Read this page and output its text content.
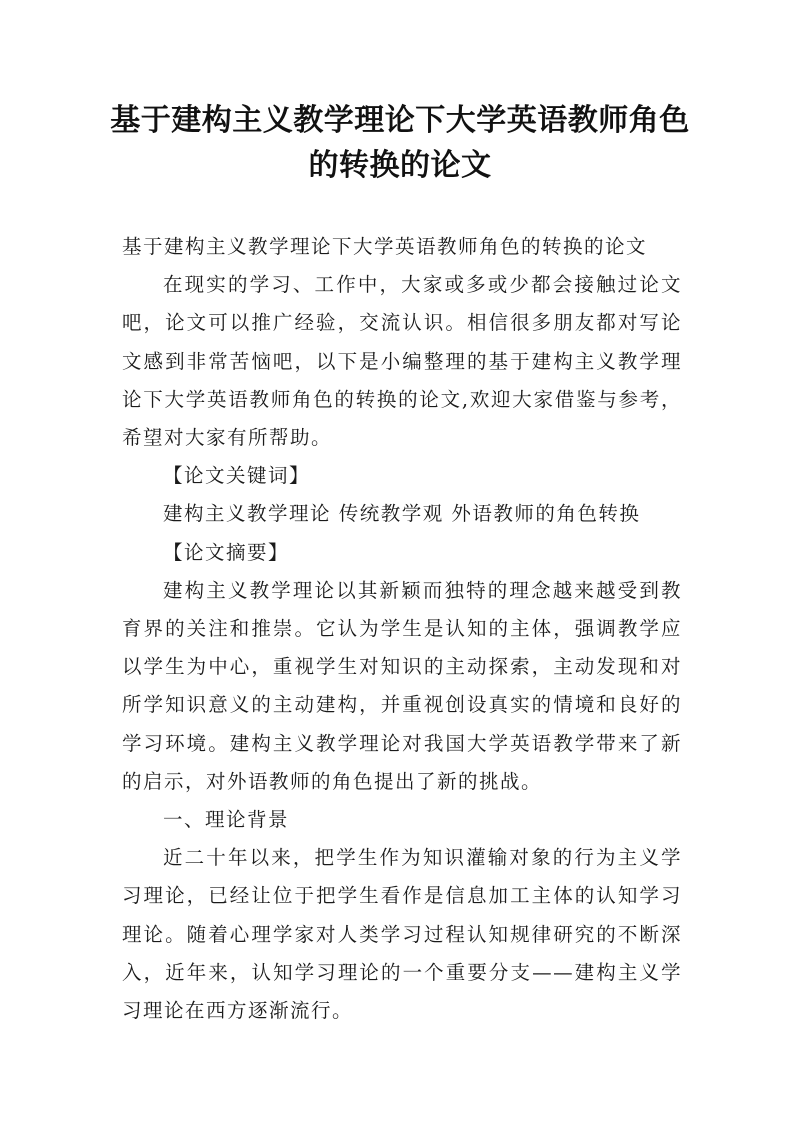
基于建构主义教学理论下大学英语教师角色的转换的论文

基于建构主义教学理论下大学英语教师角色的转换的论文

在现实的学习、工作中，大家或多或少都会接触过论文吧，论文可以推广经验，交流认识。相信很多朋友都对写论文感到非常苦恼吧，以下是小编整理的基于建构主义教学理论下大学英语教师角色的转换的论文,欢迎大家借鉴与参考，希望对大家有所帮助。

【论文关键词】

建构主义教学理论 传统教学观 外语教师的角色转换

【论文摘要】

建构主义教学理论以其新颖而独特的理念越来越受到教育界的关注和推崇。它认为学生是认知的主体，强调教学应以学生为中心，重视学生对知识的主动探索，主动发现和对所学知识意义的主动建构，并重视创设真实的情境和良好的学习环境。建构主义教学理论对我国大学英语教学带来了新的启示，对外语教师的角色提出了新的挑战。

一、理论背景

近二十年以来，把学生作为知识灌输对象的行为主义学习理论，已经让位于把学生看作是信息加工主体的认知学习理论。随着心理学家对人类学习过程认知规律研究的不断深入，近年来，认知学习理论的一个重要分支——建构主义学习理论在西方逐渐流行。
